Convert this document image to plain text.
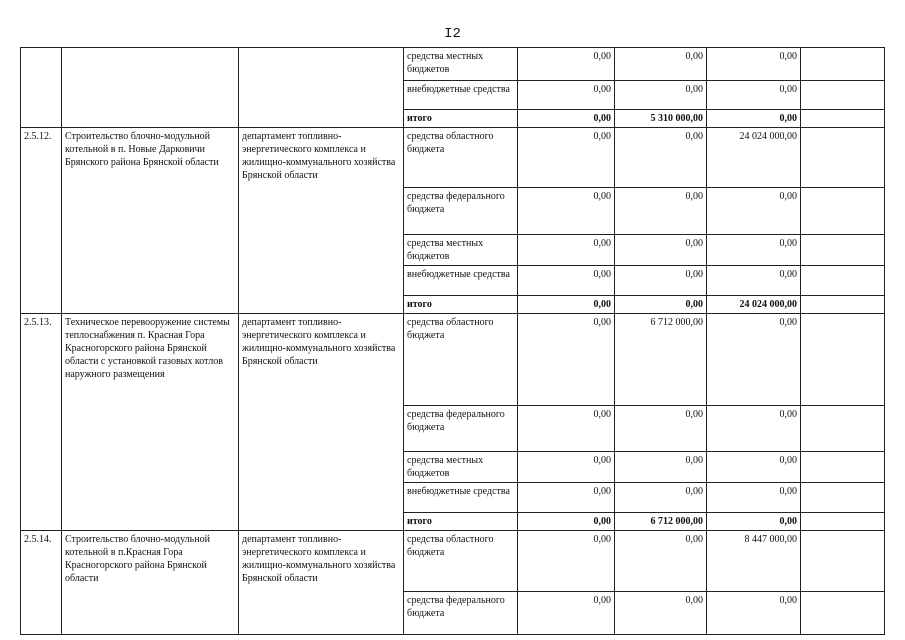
I2
			средства местных бюджетов	0,00	0,00	0,00	
			внебюджетные средства	0,00	0,00	0,00	
			итого	0,00	5 310 000,00	0,00	
2.5.12.	Строительство блочно-модульной котельной в п. Новые Дарковичи Брянского района Брянской области	департамент топливно-энергетического комплекса и жилищно-коммунального хозяйства Брянской области	средства областного бюджета	0,00	0,00	24 024 000,00	
			средства федерального бюджета	0,00	0,00	0,00	
			средства местных бюджетов	0,00	0,00	0,00	
			внебюджетные средства	0,00	0,00	0,00	
			итого	0,00	0,00	24 024 000,00	
2.5.13.	Техническое перевооружение системы теплоснабжения п. Красная Гора Красногорского района Брянской области с установкой газовых котлов наружного размещения	департамент топливно-энергетического комплекса и жилищно-коммунального хозяйства Брянской области	средства областного бюджета	0,00	6 712 000,00	0,00	
			средства федерального бюджета	0,00	0,00	0,00	
			средства местных бюджетов	0,00	0,00	0,00	
			внебюджетные средства	0,00	0,00	0,00	
			итого	0,00	6 712 000,00	0,00	
2.5.14.	Строительство блочно-модульной котельной в п.Красная Гора Красногорского района Брянской области	департамент топливно-энергетического комплекса и жилищно-коммунального хозяйства Брянской области	средства областного бюджета	0,00	0,00	8 447 000,00	
			средства федерального бюджета	0,00	0,00	0,00	
